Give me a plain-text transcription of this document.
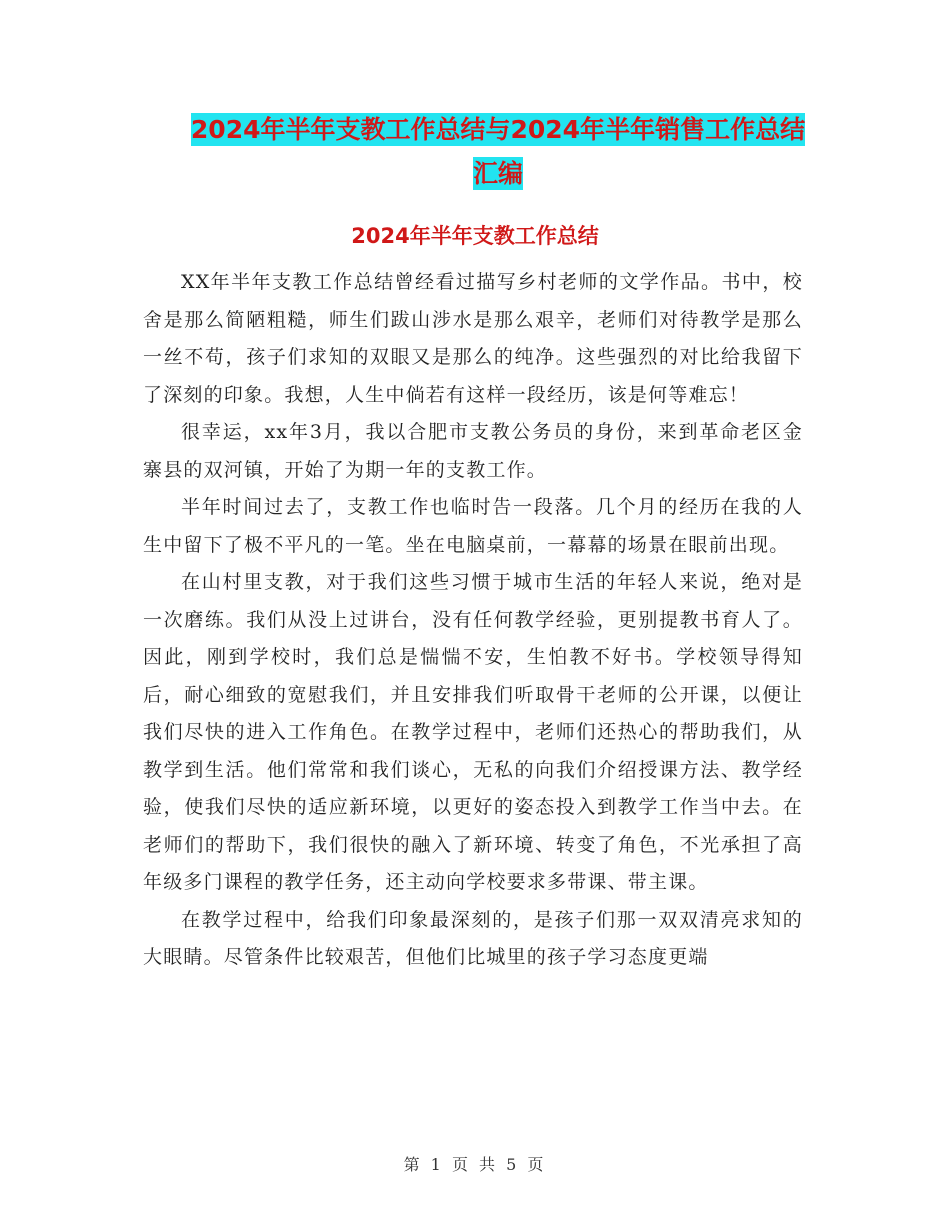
2024年半年支教工作总结与2024年半年销售工作总结
汇编
2024年半年支教工作总结

XX年半年支教工作总结曾经看过描写乡村老师的文学作品。书中，校舍是那么简陋粗糙，师生们跋山涉水是那么艰辛，老师们对待教学是那么一丝不苟，孩子们求知的双眼又是那么的纯净。这些强烈的对比给我留下了深刻的印象。我想，人生中倘若有这样一段经历，该是何等难忘！

很幸运，xx年3月，我以合肥市支教公务员的身份，来到革命老区金寨县的双河镇，开始了为期一年的支教工作。

半年时间过去了，支教工作也临时告一段落。几个月的经历在我的人生中留下了极不平凡的一笔。坐在电脑桌前，一幕幕的场景在眼前出现。

在山村里支教，对于我们这些习惯于城市生活的年轻人来说，绝对是一次磨练。我们从没上过讲台，没有任何教学经验，更别提教书育人了。因此，刚到学校时，我们总是惴惴不安，生怕教不好书。学校领导得知后，耐心细致的宽慰我们，并且安排我们听取骨干老师的公开课，以便让我们尽快的进入工作角色。在教学过程中，老师们还热心的帮助我们，从教学到生活。他们常常和我们谈心，无私的向我们介绍授课方法、教学经验，使我们尽快的适应新环境，以更好的姿态投入到教学工作当中去。在老师们的帮助下，我们很快的融入了新环境、转变了角色，不光承担了高年级多门课程的教学任务，还主动向学校要求多带课、带主课。

在教学过程中，给我们印象最深刻的，是孩子们那一双双清亮求知的大眼睛。尽管条件比较艰苦，但他们比城里的孩子学习态度更端

第 1 页 共 5 页
